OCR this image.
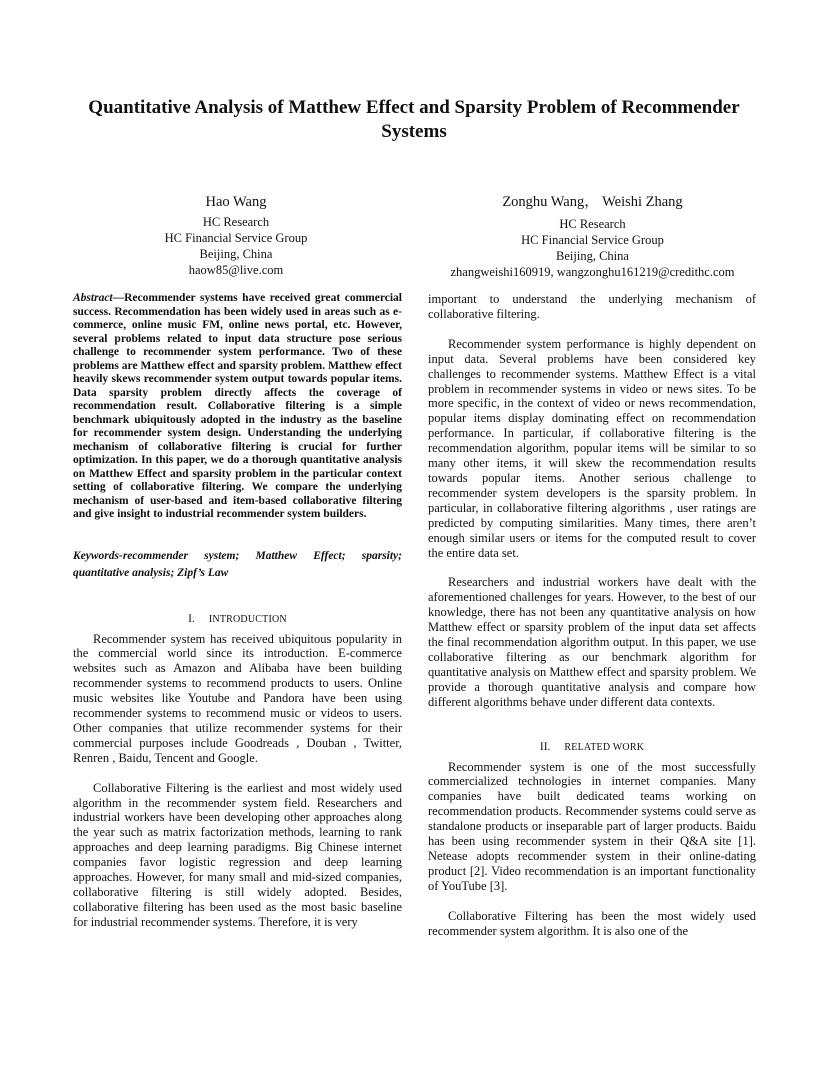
Quantitative Analysis of Matthew Effect and Sparsity Problem of Recommender Systems
Hao Wang
HC Research
HC Financial Service Group
Beijing, China
haow85@live.com
Zonghu Wang， Weishi Zhang
HC Research
HC Financial Service Group
Beijing, China
zhangweishi160919, wangzonghu161219@credithc.com

Abstract—Recommender systems have received great commercial success. Recommendation has been widely used in areas such as e-commerce, online music FM, online news portal, etc. However, several problems related to input data structure pose serious challenge to recommender system performance. Two of these problems are Matthew effect and sparsity problem. Matthew effect heavily skews recommender system output towards popular items. Data sparsity problem directly affects the coverage of recommendation result. Collaborative filtering is a simple benchmark ubiquitously adopted in the industry as the baseline for recommender system design. Understanding the underlying mechanism of collaborative filtering is crucial for further optimization. In this paper, we do a thorough quantitative analysis on Matthew Effect and sparsity problem in the particular context setting of collaborative filtering. We compare the underlying mechanism of user-based and item-based collaborative filtering and give insight to industrial recommender system builders.

Keywords-recommender system; Matthew Effect; sparsity; quantitative analysis; Zipf’s Law

I. INTRODUCTION

Recommender system has received ubiquitous popularity in the commercial world since its introduction. E-commerce websites such as Amazon and Alibaba have been building recommender systems to recommend products to users. Online music websites like Youtube and Pandora have been using recommender systems to recommend music or videos to users. Other companies that utilize recommender systems for their commercial purposes include Goodreads , Douban , Twitter, Renren , Baidu, Tencent and Google.

Collaborative Filtering is the earliest and most widely used algorithm in the recommender system field. Researchers and industrial workers have been developing other approaches along the year such as matrix factorization methods, learning to rank approaches and deep learning paradigms. Big Chinese internet companies favor logistic regression and deep learning approaches. However, for many small and mid-sized companies, collaborative filtering is still widely adopted. Besides, collaborative filtering has been used as the most basic baseline for industrial recommender systems. Therefore, it is very

important to understand the underlying mechanism of collaborative filtering.

Recommender system performance is highly dependent on input data. Several problems have been considered key challenges to recommender systems. Matthew Effect is a vital problem in recommender systems in video or news sites. To be more specific, in the context of video or news recommendation, popular items display dominating effect on recommendation performance. In particular, if collaborative filtering is the recommendation algorithm, popular items will be similar to so many other items, it will skew the recommendation results towards popular items. Another serious challenge to recommender system developers is the sparsity problem. In particular, in collaborative filtering algorithms , user ratings are predicted by computing similarities. Many times, there aren’t enough similar users or items for the computed result to cover the entire data set.

Researchers and industrial workers have dealt with the aforementioned challenges for years. However, to the best of our knowledge, there has not been any quantitative analysis on how Matthew effect or sparsity problem of the input data set affects the final recommendation algorithm output. In this paper, we use collaborative filtering as our benchmark algorithm for quantitative analysis on Matthew effect and sparsity problem. We provide a thorough quantitative analysis and compare how different algorithms behave under different data contexts.

II. RELATED WORK

Recommender system is one of the most successfully commercialized technologies in internet companies. Many companies have built dedicated teams working on recommendation products. Recommender systems could serve as standalone products or inseparable part of larger products. Baidu has been using recommender system in their Q&A site [1]. Netease adopts recommender system in their online-dating product [2]. Video recommendation is an important functionality of YouTube [3].

Collaborative Filtering has been the most widely used recommender system algorithm. It is also one of the
